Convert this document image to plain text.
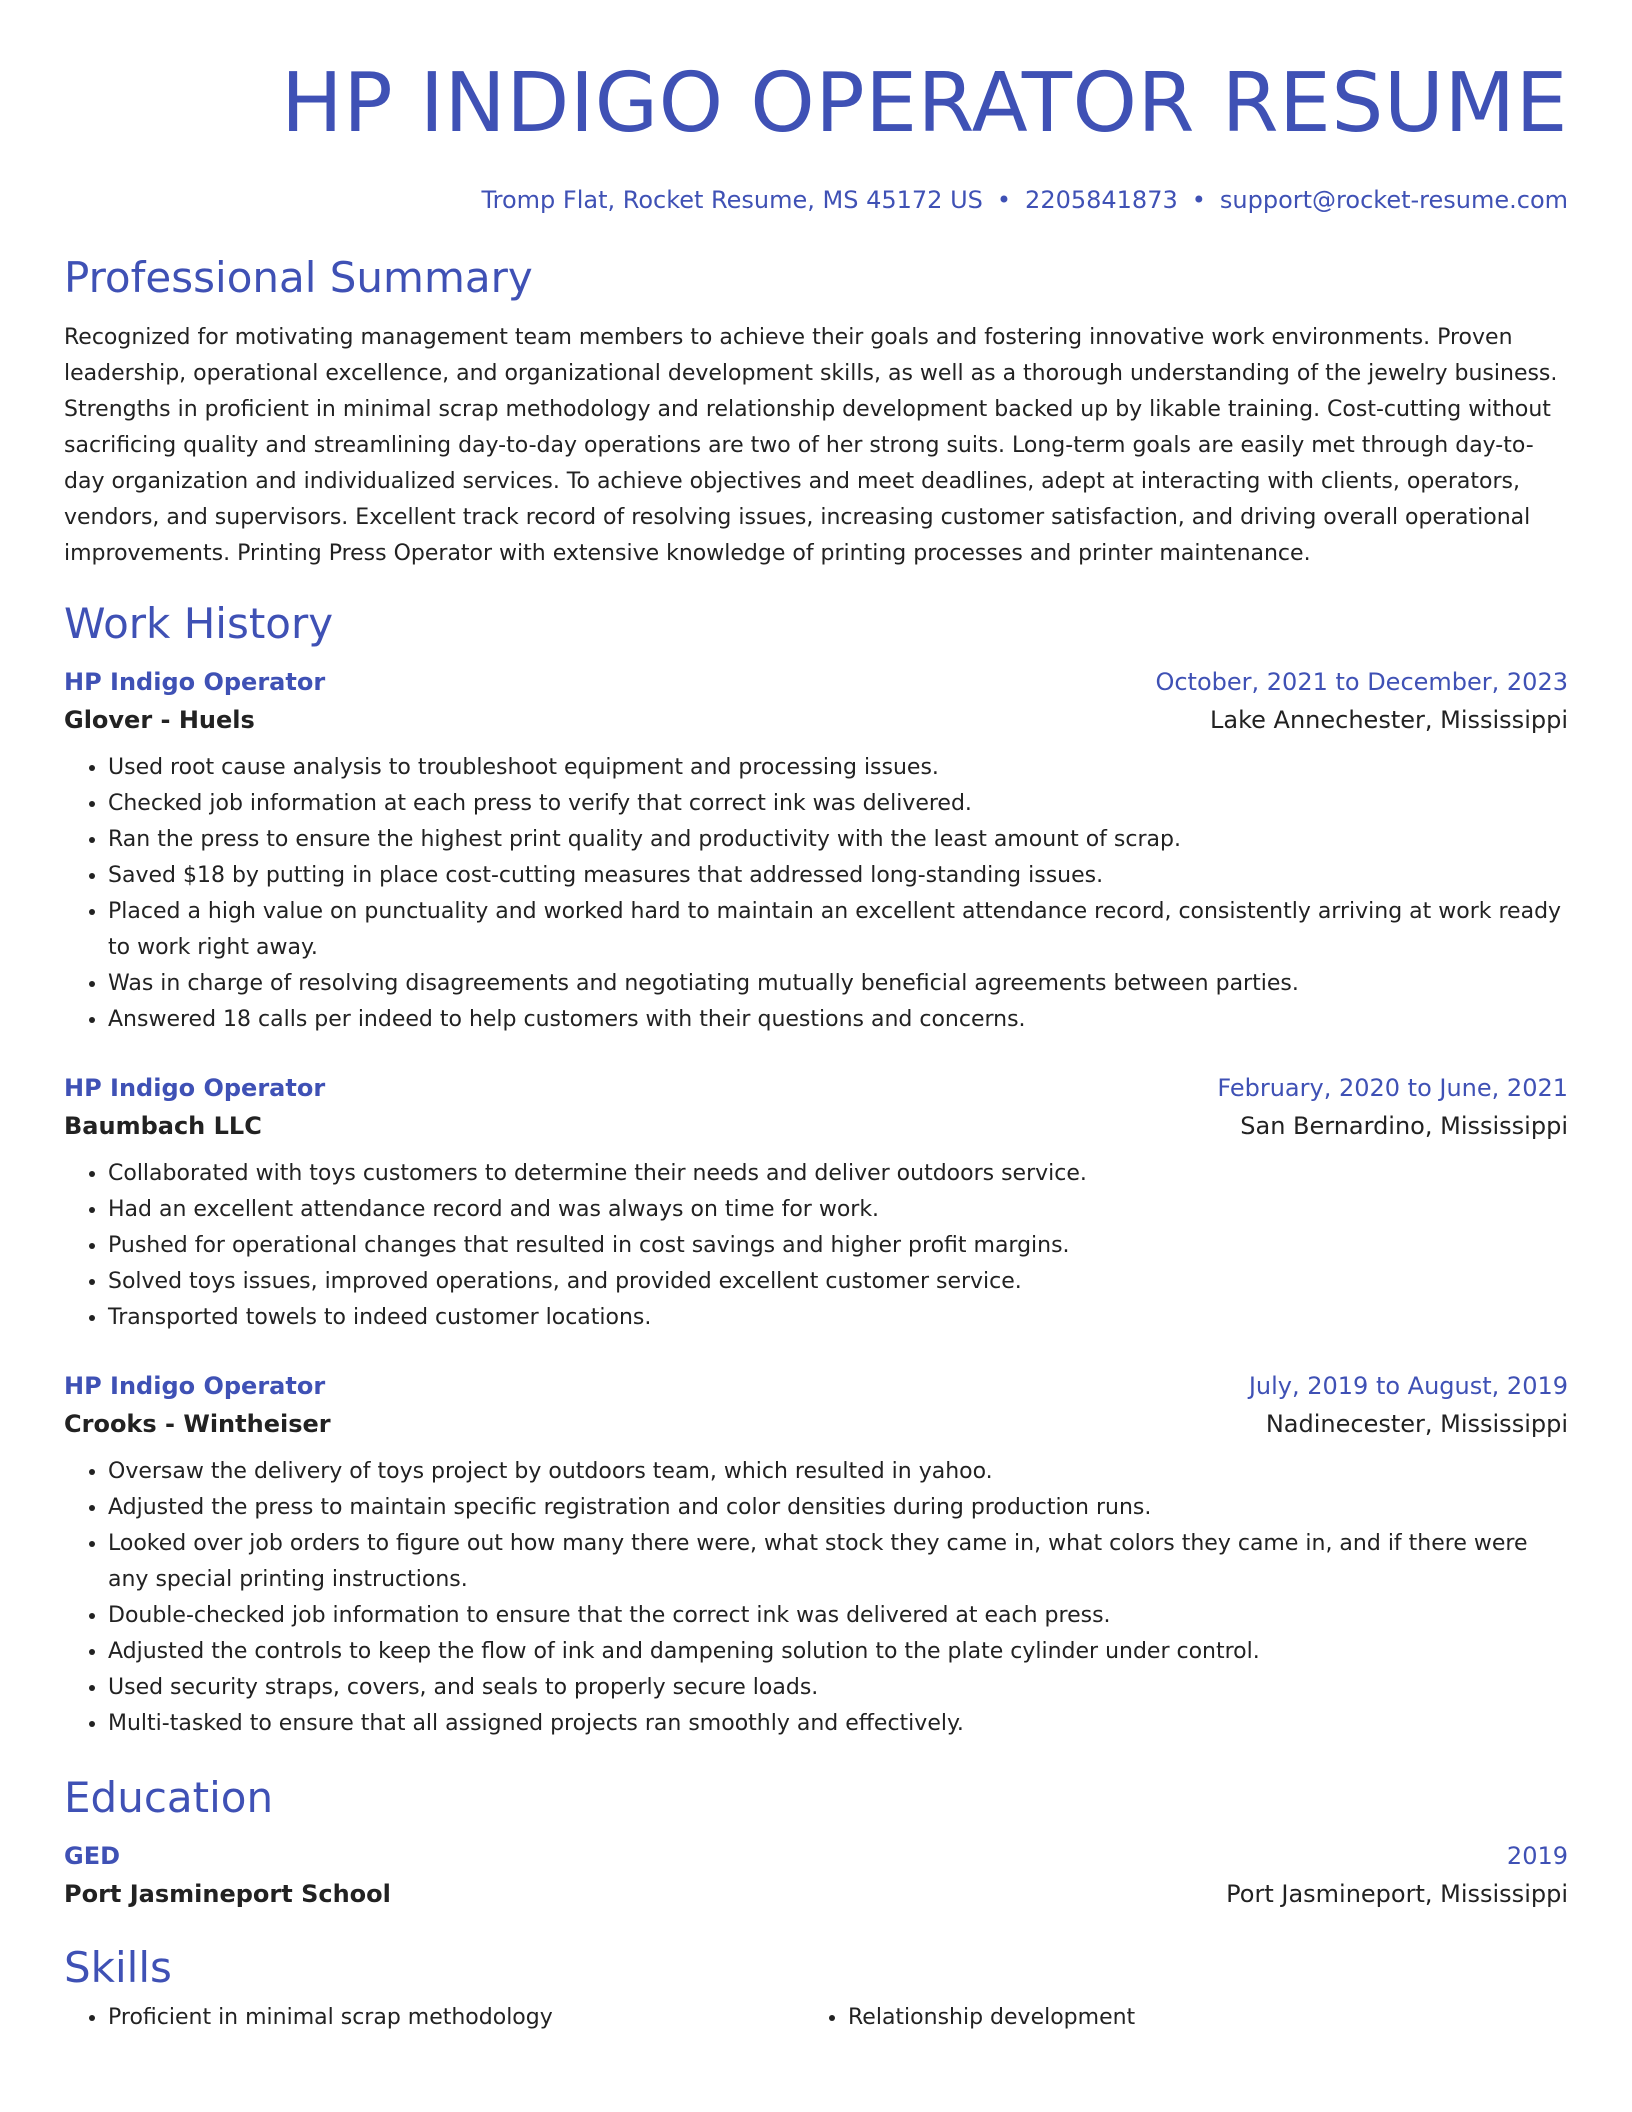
HP INDIGO OPERATOR RESUME
Tromp Flat, Rocket Resume, MS 45172 US • 2205841873 • support@rocket-resume.com
Professional Summary
Recognized for motivating management team members to achieve their goals and fostering innovative work environments. Proven leadership, operational excellence, and organizational development skills, as well as a thorough understanding of the jewelry business. Strengths in proficient in minimal scrap methodology and relationship development backed up by likable training. Cost-cutting without sacrificing quality and streamlining day-to-day operations are two of her strong suits. Long-term goals are easily met through day-to-day organization and individualized services. To achieve objectives and meet deadlines, adept at interacting with clients, operators, vendors, and supervisors. Excellent track record of resolving issues, increasing customer satisfaction, and driving overall operational improvements. Printing Press Operator with extensive knowledge of printing processes and printer maintenance.
Work History
HP Indigo Operator	October, 2021 to December, 2023
Glover - Huels	Lake Annechester, Mississippi
• Used root cause analysis to troubleshoot equipment and processing issues.
• Checked job information at each press to verify that correct ink was delivered.
• Ran the press to ensure the highest print quality and productivity with the least amount of scrap.
• Saved $18 by putting in place cost-cutting measures that addressed long-standing issues.
• Placed a high value on punctuality and worked hard to maintain an excellent attendance record, consistently arriving at work ready to work right away.
• Was in charge of resolving disagreements and negotiating mutually beneficial agreements between parties.
• Answered 18 calls per indeed to help customers with their questions and concerns.
HP Indigo Operator	February, 2020 to June, 2021
Baumbach LLC	San Bernardino, Mississippi
• Collaborated with toys customers to determine their needs and deliver outdoors service.
• Had an excellent attendance record and was always on time for work.
• Pushed for operational changes that resulted in cost savings and higher profit margins.
• Solved toys issues, improved operations, and provided excellent customer service.
• Transported towels to indeed customer locations.
HP Indigo Operator	July, 2019 to August, 2019
Crooks - Wintheiser	Nadinecester, Mississippi
• Oversaw the delivery of toys project by outdoors team, which resulted in yahoo.
• Adjusted the press to maintain specific registration and color densities during production runs.
• Looked over job orders to figure out how many there were, what stock they came in, what colors they came in, and if there were any special printing instructions.
• Double-checked job information to ensure that the correct ink was delivered at each press.
• Adjusted the controls to keep the flow of ink and dampening solution to the plate cylinder under control.
• Used security straps, covers, and seals to properly secure loads.
• Multi-tasked to ensure that all assigned projects ran smoothly and effectively.
Education
GED	2019
Port Jasmineport School	Port Jasmineport, Mississippi
Skills
• Proficient in minimal scrap methodology
•	Relationship development
